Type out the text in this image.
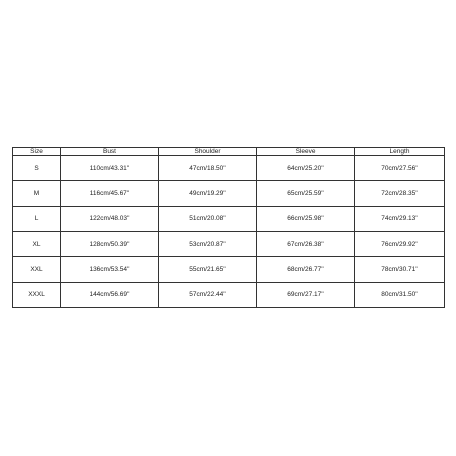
Size	Bust	Shoulder	Sleeve	Length
S	110cm/43.31''	47cm/18.50''	64cm/25.20''	70cm/27.56''
M	116cm/45.67''	49cm/19.29''	65cm/25.59''	72cm/28.35''
L	122cm/48.03''	51cm/20.08''	66cm/25.98''	74cm/29.13''
XL	128cm/50.39''	53cm/20.87''	67cm/26.38''	76cm/29.92''
XXL	136cm/53.54''	55cm/21.65''	68cm/26.77''	78cm/30.71''
XXXL	144cm/56.69''	57cm/22.44''	69cm/27.17''	80cm/31.50''
